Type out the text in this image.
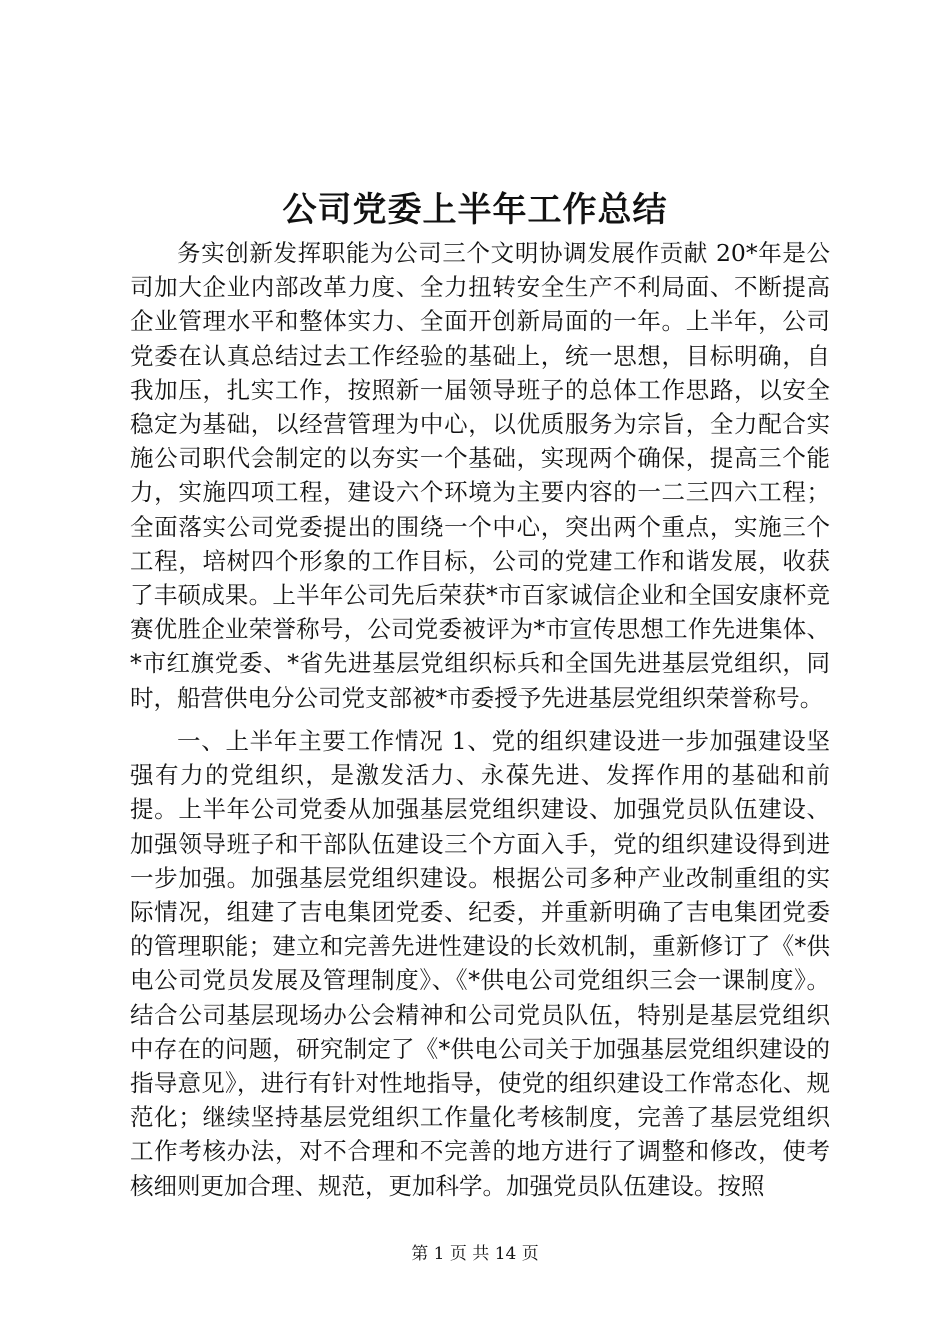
公司党委上半年工作总结

务实创新发挥职能为公司三个文明协调发展作贡献 20*年是公司加大企业内部改革力度、全力扭转安全生产不利局面、不断提高企业管理水平和整体实力、全面开创新局面的一年。上半年，公司党委在认真总结过去工作经验的基础上，统一思想，目标明确，自我加压，扎实工作，按照新一届领导班子的总体工作思路，以安全稳定为基础，以经营管理为中心，以优质服务为宗旨，全力配合实施公司职代会制定的以夯实一个基础，实现两个确保，提高三个能力，实施四项工程，建设六个环境为主要内容的一二三四六工程；全面落实公司党委提出的围绕一个中心，突出两个重点，实施三个工程，培树四个形象的工作目标，公司的党建工作和谐发展，收获了丰硕成果。上半年公司先后荣获*市百家诚信企业和全国安康杯竞赛优胜企业荣誉称号，公司党委被评为*市宣传思想工作先进集体、*市红旗党委、*省先进基层党组织标兵和全国先进基层党组织，同时，船营供电分公司党支部被*市委授予先进基层党组织荣誉称号。

一、上半年主要工作情况 1、党的组织建设进一步加强建设坚强有力的党组织，是激发活力、永葆先进、发挥作用的基础和前提。上半年公司党委从加强基层党组织建设、加强党员队伍建设、加强领导班子和干部队伍建设三个方面入手，党的组织建设得到进一步加强。加强基层党组织建设。根据公司多种产业改制重组的实际情况，组建了吉电集团党委、纪委，并重新明确了吉电集团党委的管理职能；建立和完善先进性建设的长效机制，重新修订了《*供电公司党员发展及管理制度》、《*供电公司党组织三会一课制度》。结合公司基层现场办公会精神和公司党员队伍，特别是基层党组织中存在的问题，研究制定了《*供电公司关于加强基层党组织建设的指导意见》，进行有针对性地指导，使党的组织建设工作常态化、规范化；继续坚持基层党组织工作量化考核制度，完善了基层党组织工作考核办法，对不合理和不完善的地方进行了调整和修改，使考核细则更加合理、规范，更加科学。加强党员队伍建设。按照

第 1 页 共 14 页
